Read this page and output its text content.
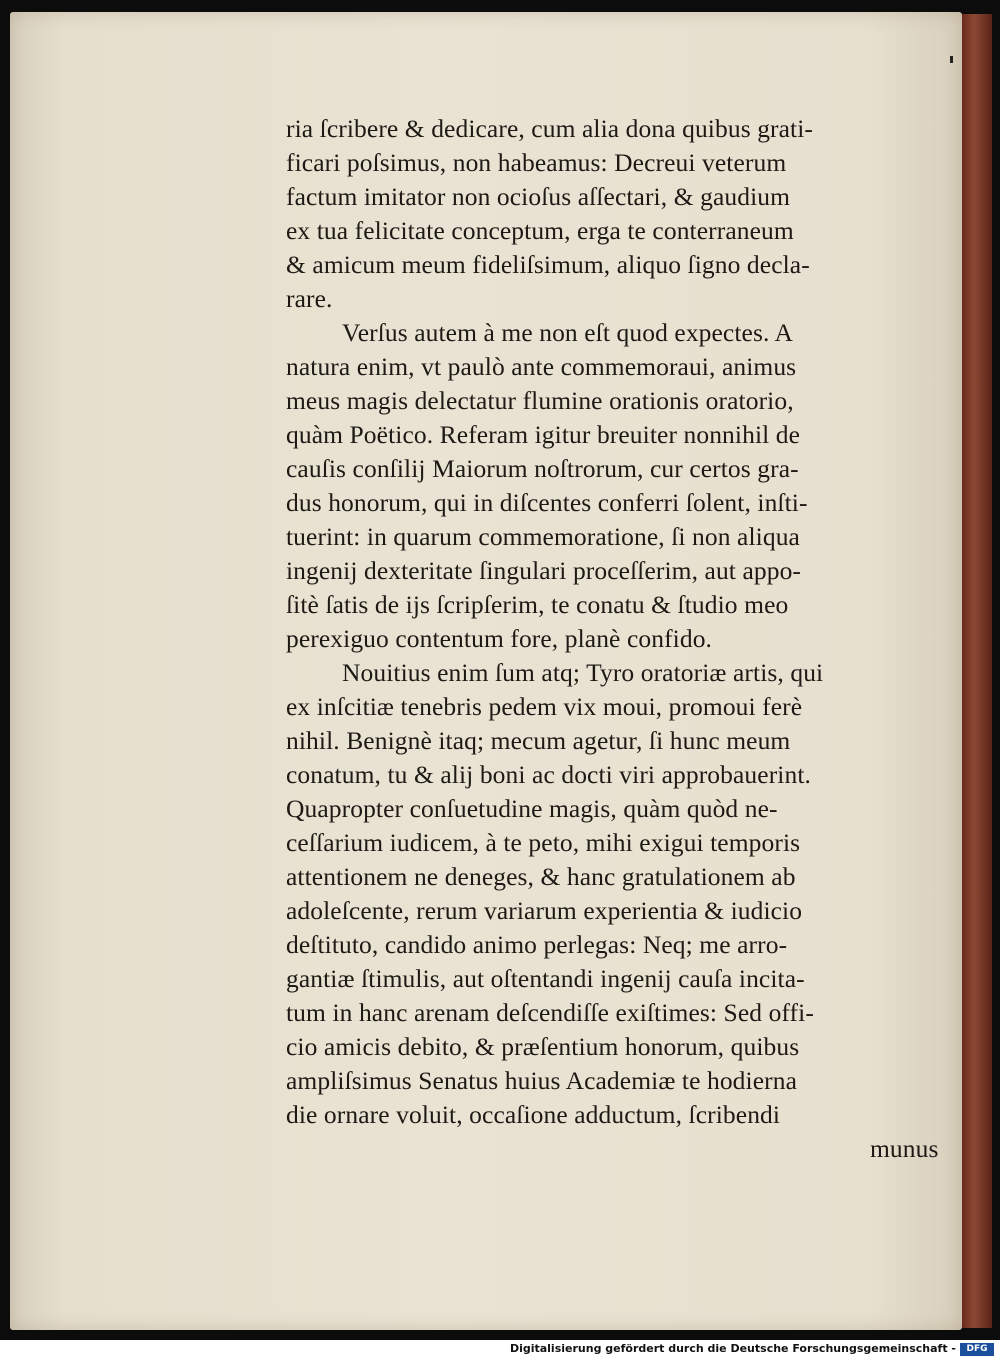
ria ſcribere & dedicare, cum alia dona quibus grati-
ficari poſsimus, non habeamus: Decreui veterum
factum imitator non ocioſus aſſectari, & gaudium
ex tua felicitate conceptum, erga te conterraneum
& amicum meum fideliſsimum, aliquo ſigno decla-
rare.
Verſus autem à me non eſt quod expectes. A
natura enim, vt paulò ante commemoraui, animus
meus magis delectatur flumine orationis oratorio,
quàm Poëtico. Referam igitur breuiter nonnihil de
cauſis conſilij Maiorum noſtrorum, cur certos gra-
dus honorum, qui in diſcentes conferri ſolent, inſti-
tuerint: in quarum commemoratione, ſi non aliqua
ingenij dexteritate ſingulari proceſſerim, aut appo-
ſitè ſatis de ijs ſcripſerim, te conatu & ſtudio meo
perexiguo contentum fore, planè confido.
Nouitius enim ſum atq; Tyro oratoriæ artis, qui
ex inſcitiæ tenebris pedem vix moui, promoui ferè
nihil. Benignè itaq; mecum agetur, ſi hunc meum
conatum, tu & alij boni ac docti viri approbauerint.
Quapropter conſuetudine magis, quàm quòd ne-
ceſſarium iudicem, à te peto, mihi exigui temporis
attentionem ne deneges, & hanc gratulationem ab
adoleſcente, rerum variarum experientia & iudicio
deſtituto, candido animo perlegas: Neq; me arro-
gantiæ ſtimulis, aut oſtentandi ingenij cauſa incita-
tum in hanc arenam deſcendiſſe exiſtimes: Sed offi-
cio amicis debito, & præſentium honorum, quibus
ampliſsimus Senatus huius Academiæ te hodierna
die ornare voluit, occaſione adductum, ſcribendi
munus
Digitalisierung gefördert durch die Deutsche Forschungsgemeinschaft -	DFG
